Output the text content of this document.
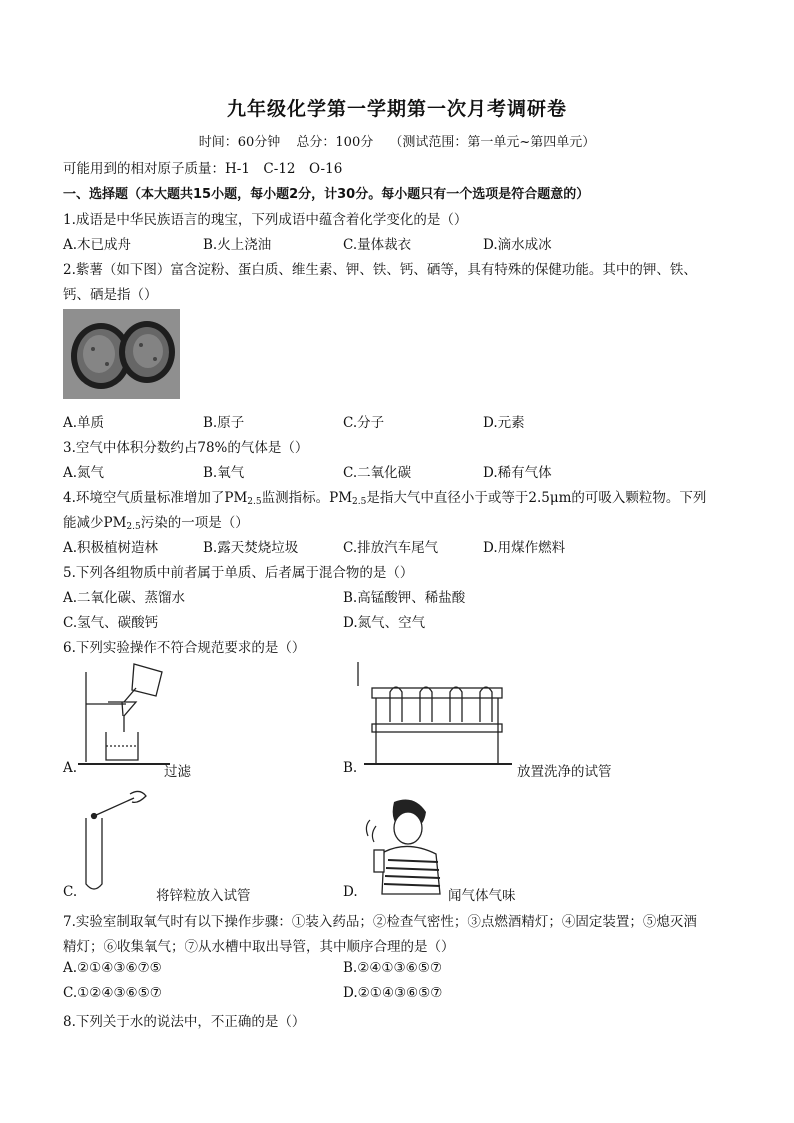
九年级化学第一学期第一次月考调研卷
时间：60分钟 总分：100分 （测试范围：第一单元~第四单元）
可能用到的相对原子质量：H-1　C-12　O-16
一、选择题（本大题共15小题，每小题2分，计30分。每小题只有一个选项是符合题意的）
1.成语是中华民族语言的瑰宝，下列成语中蕴含着化学变化的是（）
A.木已成舟	B.火上浇油	C.量体裁衣	D.滴水成冰
2.紫薯（如下图）富含淀粉、蛋白质、维生素、钾、铁、钙、硒等，具有特殊的保健功能。其中的钾、铁、
钙、硒是指（）
A.单质	B.原子	C.分子	D.元素
3.空气中体积分数约占78%的气体是（）
A.氮气	B.氧气	C.二氧化碳	D.稀有气体
4.环境空气质量标准增加了$PM_{2.5}$监测指标。$PM_{2.5}$是指大气中直径小于或等于2.5μm的可吸入颗粒物。下列
能减少$PM_{2.5}$污染的一项是（）
A.积极植树造林	B.露天焚烧垃圾	C.排放汽车尾气	D.用煤作燃料
5.下列各组物质中前者属于单质、后者属于混合物的是（）
A.二氧化碳、蒸馏水	B.高锰酸钾、稀盐酸
C.氢气、碳酸钙	D.氮气、空气
6.下列实验操作不符合规范要求的是（）
A.	过滤	B.	放置洗净的试管
C.	将锌粒放入试管	D.	闻气体气味
7.实验室制取氧气时有以下操作步骤：①装入药品；②检查气密性；③点燃酒精灯；④固定装置；⑤熄灭酒
精灯；⑥收集氧气；⑦从水槽中取出导管，其中顺序合理的是（）
A.②①④③⑥⑦⑤	B.②④①③⑥⑤⑦
C.①②④③⑥⑤⑦	D.②①④③⑥⑤⑦
8.下列关于水的说法中，不正确的是（）
